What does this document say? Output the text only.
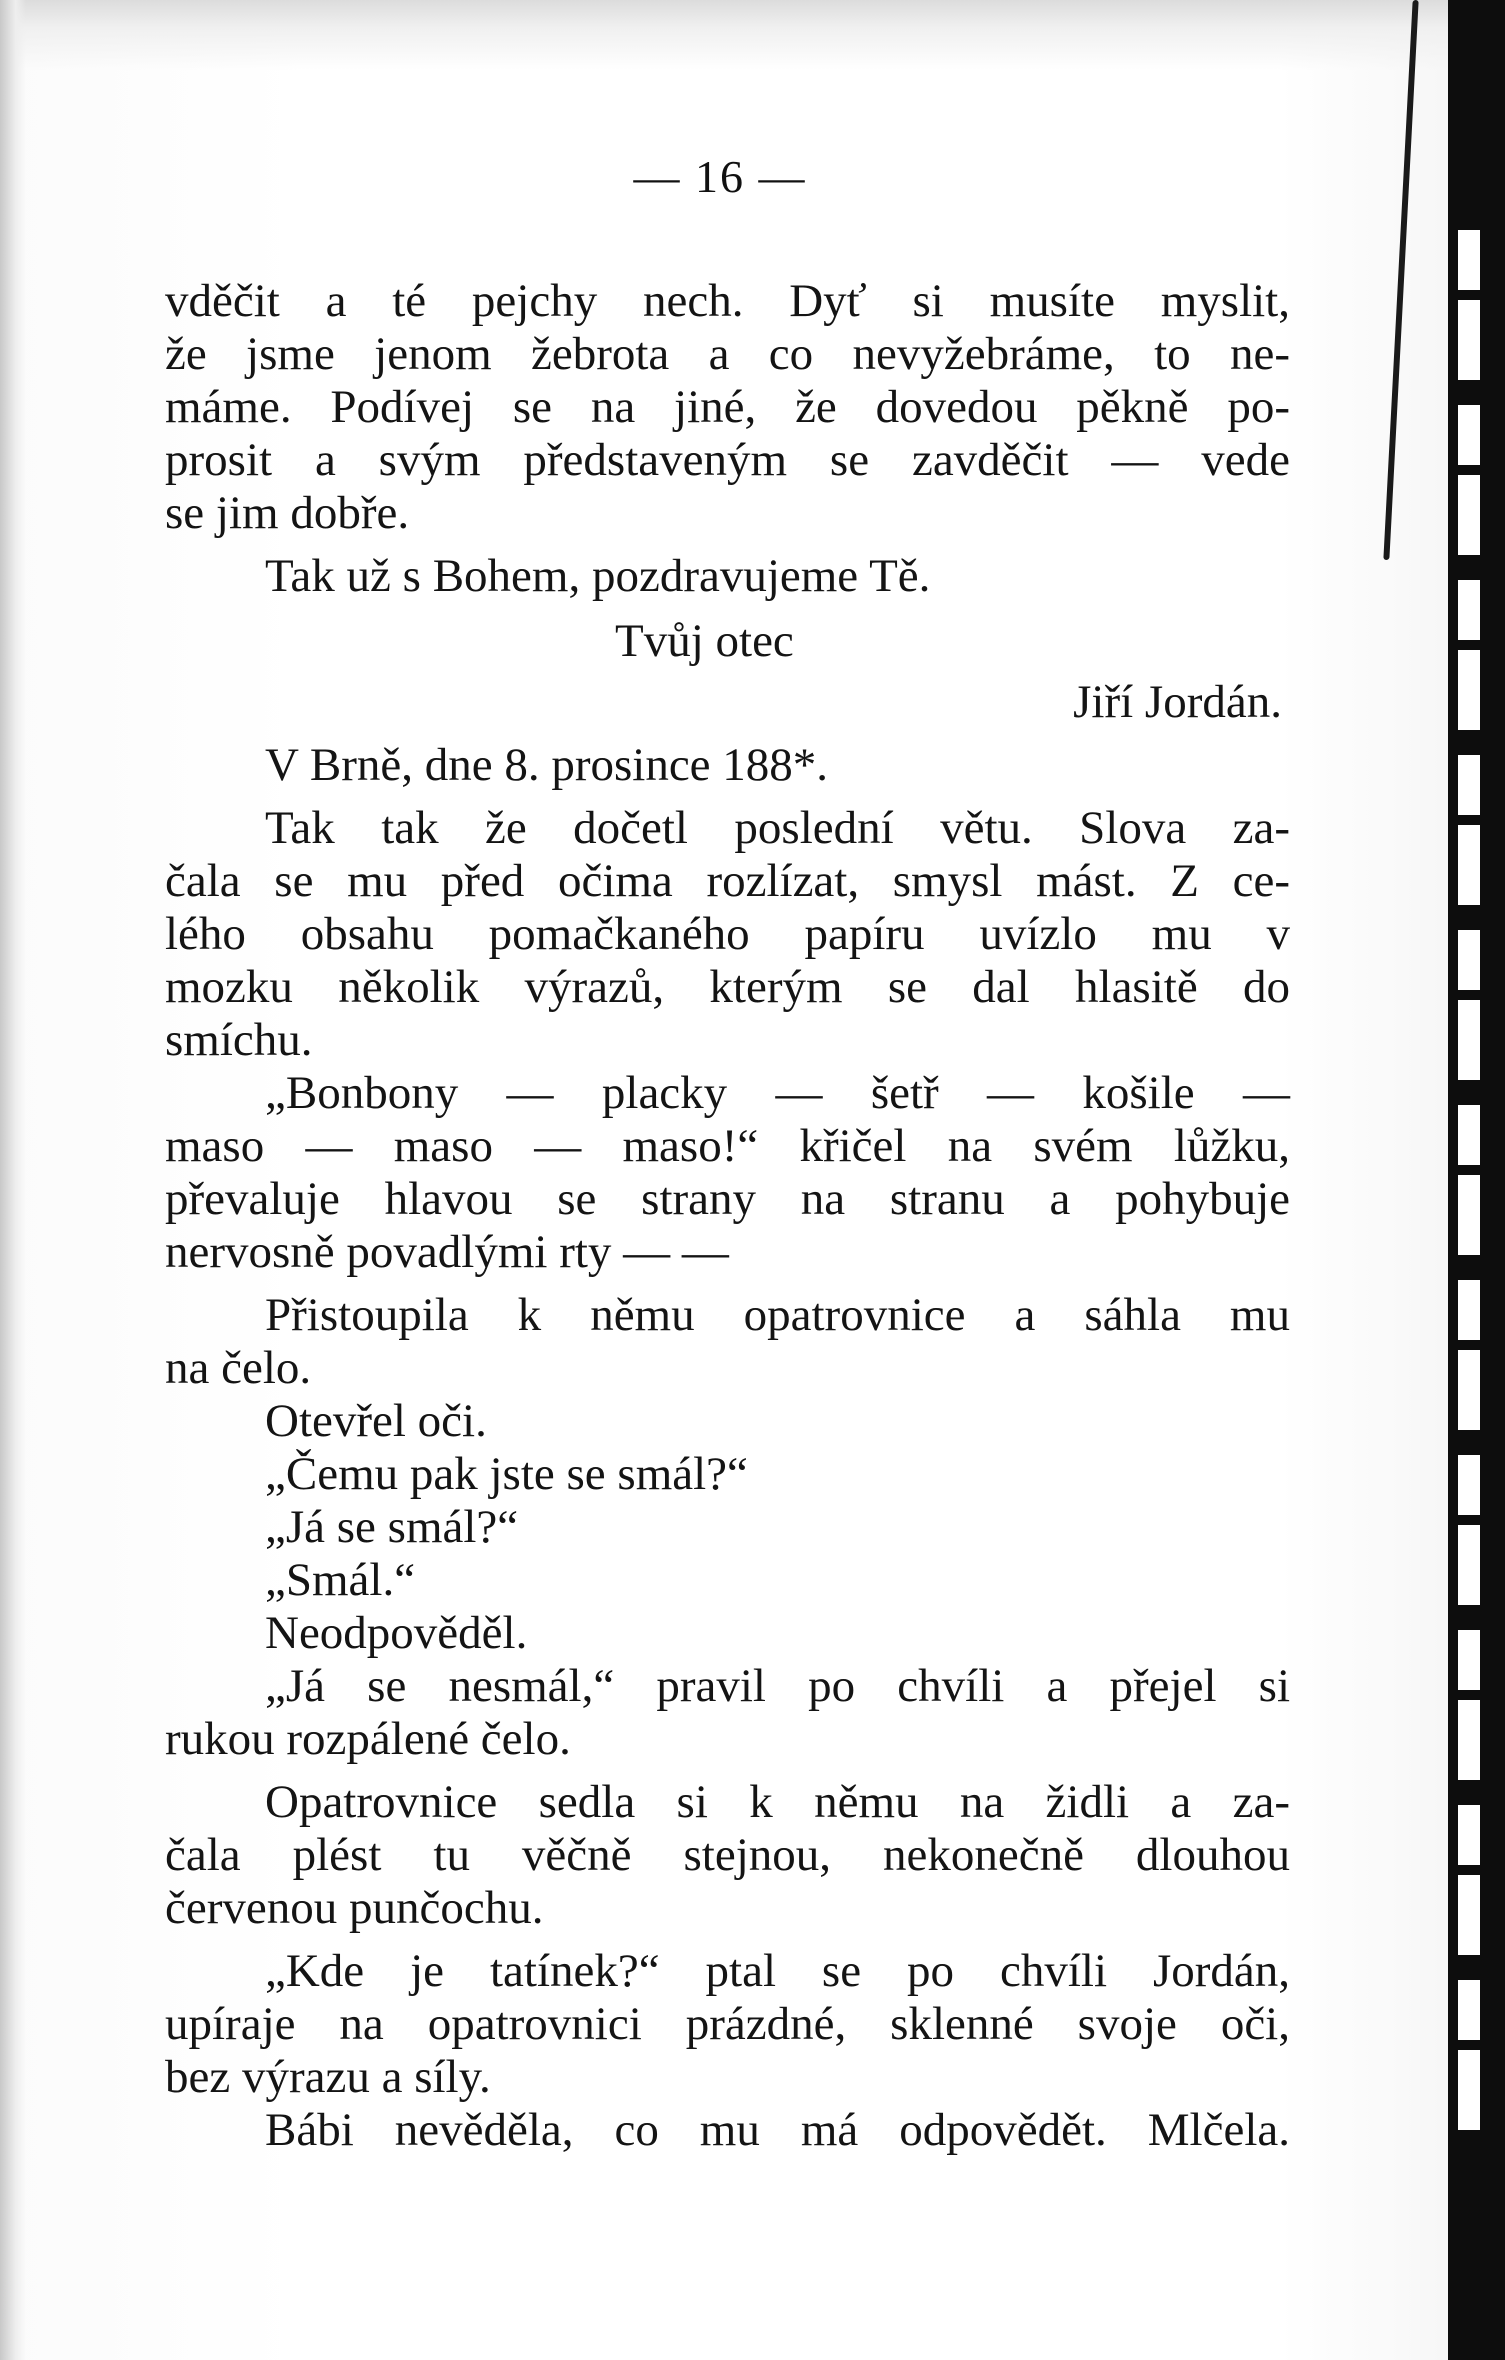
— 16 —
vděčit a té pejchy nech. Dyť si musíte myslit,
že jsme jenom žebrota a co nevyžebráme, to ne-
máme. Podívej se na jiné, že dovedou pěkně po-
prosit a svým představeným se zavděčit — vede
se jim dobře.
Tak už s Bohem, pozdravujeme Tě.
Tvůj otec
Jiří Jordán.
V Brně, dne 8. prosince 188*.
Tak tak že dočetl poslední větu. Slova za-
čala se mu před očima rozlízat, smysl mást. Z ce-
lého obsahu pomačkaného papíru uvízlo mu v
mozku několik výrazů, kterým se dal hlasitě do
smíchu.
„Bonbony — placky — šetř — košile —
maso — maso — maso!“ křičel na svém lůžku,
převaluje hlavou se strany na stranu a pohybuje
nervosně povadlými rty — —
Přistoupila k němu opatrovnice a sáhla mu
na čelo.
Otevřel oči.
„Čemu pak jste se smál?“
„Já se smál?“
„Smál.“
Neodpověděl.
„Já se nesmál,“ pravil po chvíli a přejel si
rukou rozpálené čelo.
Opatrovnice sedla si k němu na židli a za-
čala plést tu věčně stejnou, nekonečně dlouhou
červenou punčochu.
„Kde je tatínek?“ ptal se po chvíli Jordán,
upíraje na opatrovnici prázdné, sklenné svoje oči,
bez výrazu a síly.
Bábi nevěděla, co mu má odpovědět. Mlčela.
